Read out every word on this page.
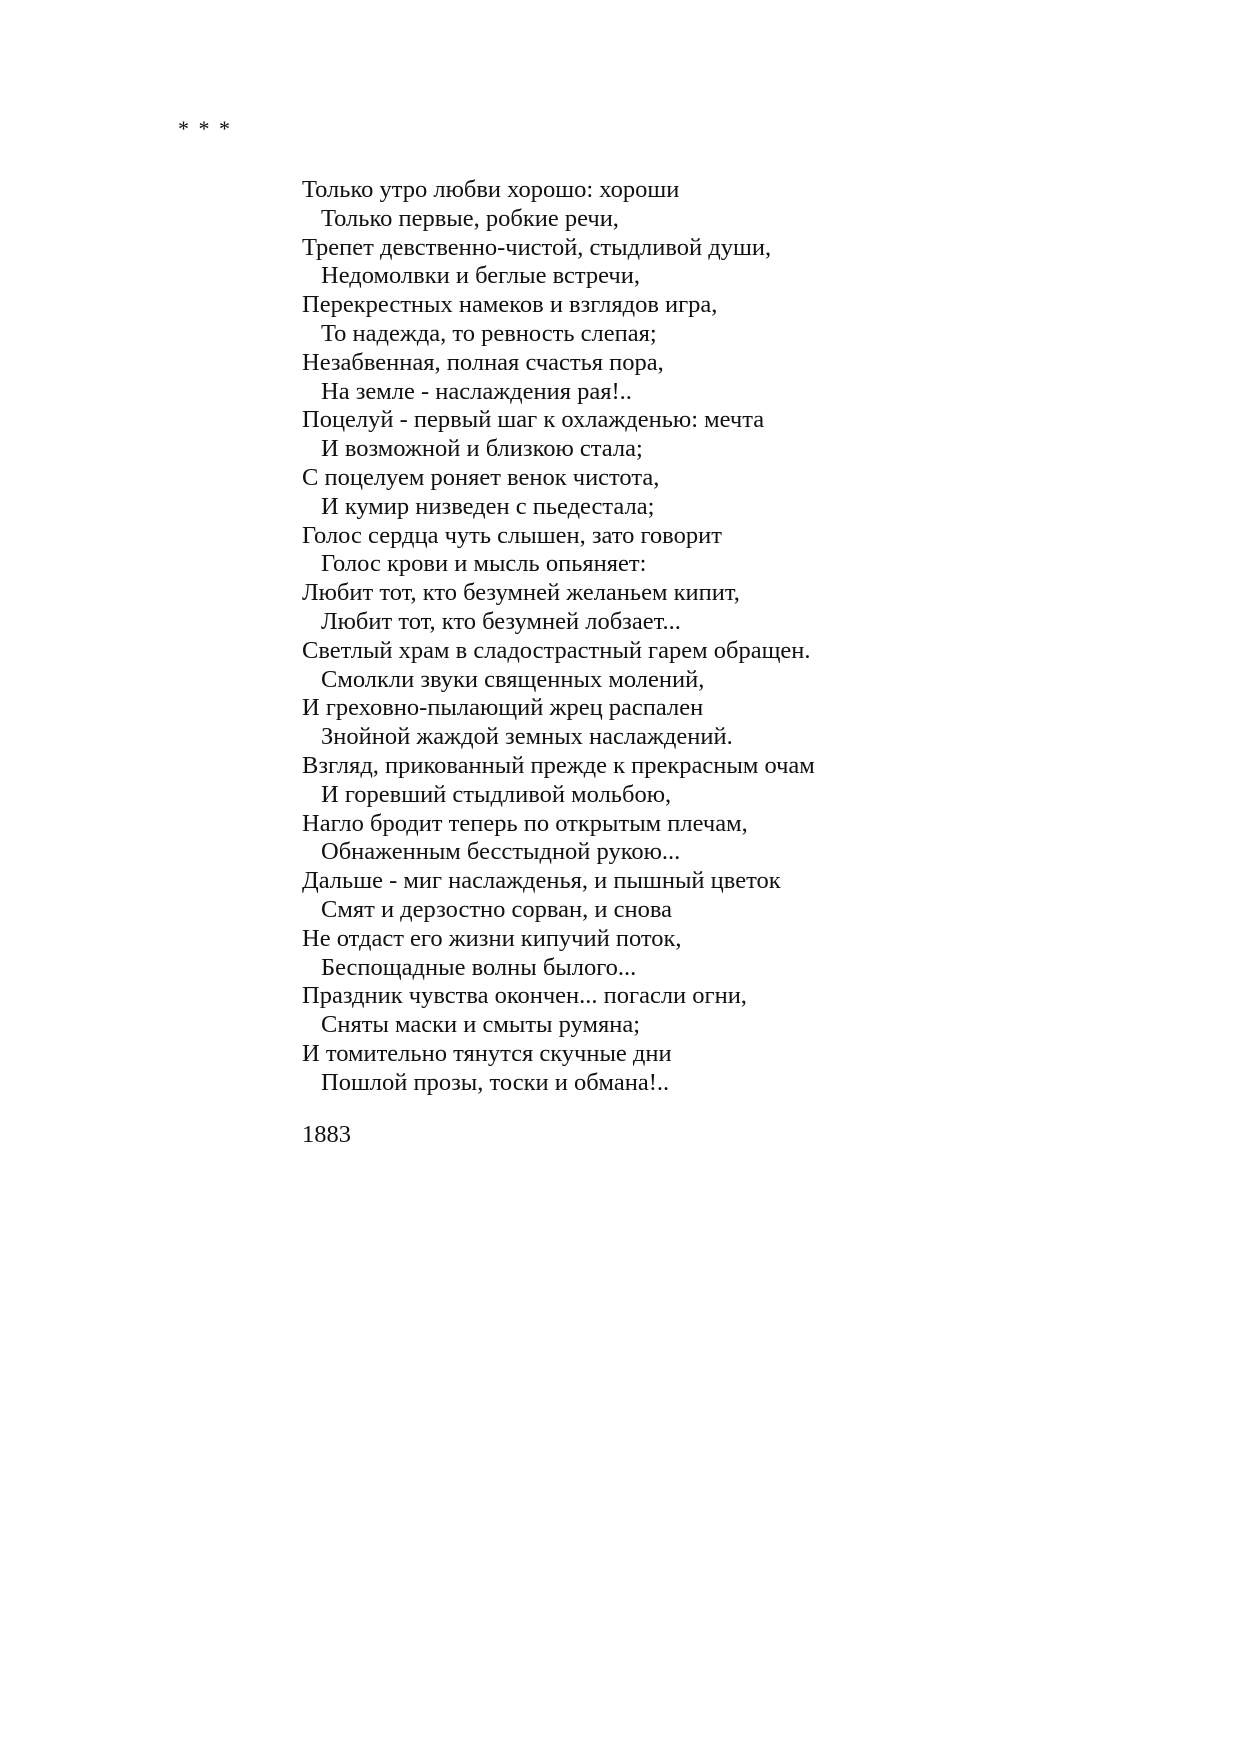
* * *
Только утро любви хорошо: хороши
Только первые, робкие речи,
Трепет девственно-чистой, стыдливой души,
Недомолвки и беглые встречи,
Перекрестных намеков и взглядов игра,
То надежда, то ревность слепая;
Незабвенная, полная счастья пора,
На земле - наслаждения рая!..
Поцелуй - первый шаг к охлажденью: мечта
И возможной и близкою стала;
С поцелуем роняет венок чистота,
И кумир низведен с пьедестала;
Голос сердца чуть слышен, зато говорит
Голос крови и мысль опьяняет:
Любит тот, кто безумней желаньем кипит,
Любит тот, кто безумней лобзает...
Светлый храм в сладострастный гарем обращен.
Смолкли звуки священных молений,
И греховно-пылающий жрец распален
Знойной жаждой земных наслаждений.
Взгляд, прикованный прежде к прекрасным очам
И горевший стыдливой мольбою,
Нагло бродит теперь по открытым плечам,
Обнаженным бесстыдной рукою...
Дальше - миг наслажденья, и пышный цветок
Смят и дерзостно сорван, и снова
Не отдаст его жизни кипучий поток,
Беспощадные волны былого...
Праздник чувства окончен... погасли огни,
Сняты маски и смыты румяна;
И томительно тянутся скучные дни
Пошлой прозы, тоски и обмана!..
1883
